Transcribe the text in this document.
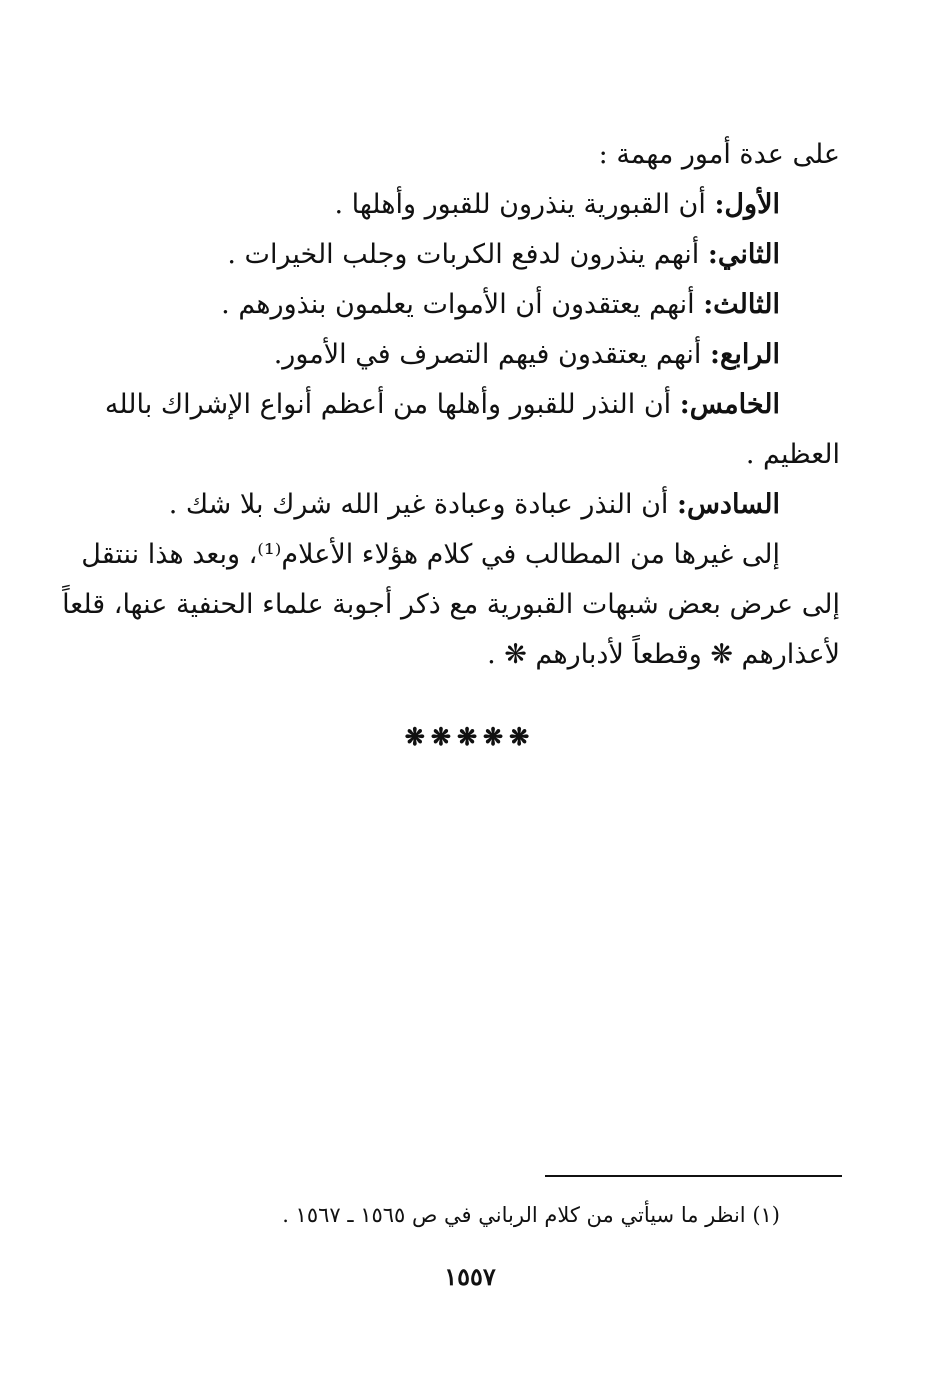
على عدة أمور مهمة :
الأول: أن القبورية ينذرون للقبور وأهلها .
الثاني: أنهم ينذرون لدفع الكربات وجلب الخيرات .
الثالث: أنهم يعتقدون أن الأموات يعلمون بنذورهم .
الرابع: أنهم يعتقدون فيهم التصرف في الأمور.
الخامس: أن النذر للقبور وأهلها من أعظم أنواع الإشراك بالله
العظيم .
السادس: أن النذر عبادة وعبادة غير الله شرك بلا شك .
إلى غيرها من المطالب في كلام هؤلاء الأعلام⁽¹⁾، وبعد هذا ننتقل
إلى عرض بعض شبهات القبورية مع ذكر أجوبة علماء الحنفية عنها، قلعاً
لأعذارهم ❋ وقطعاً لأدبارهم ❋ .
❋❋❋❋❋
(١) انظر ما سيأتي من كلام الرباني في ص ١٥٦٥ ـ ١٥٦٧ .
١٥٥٧
